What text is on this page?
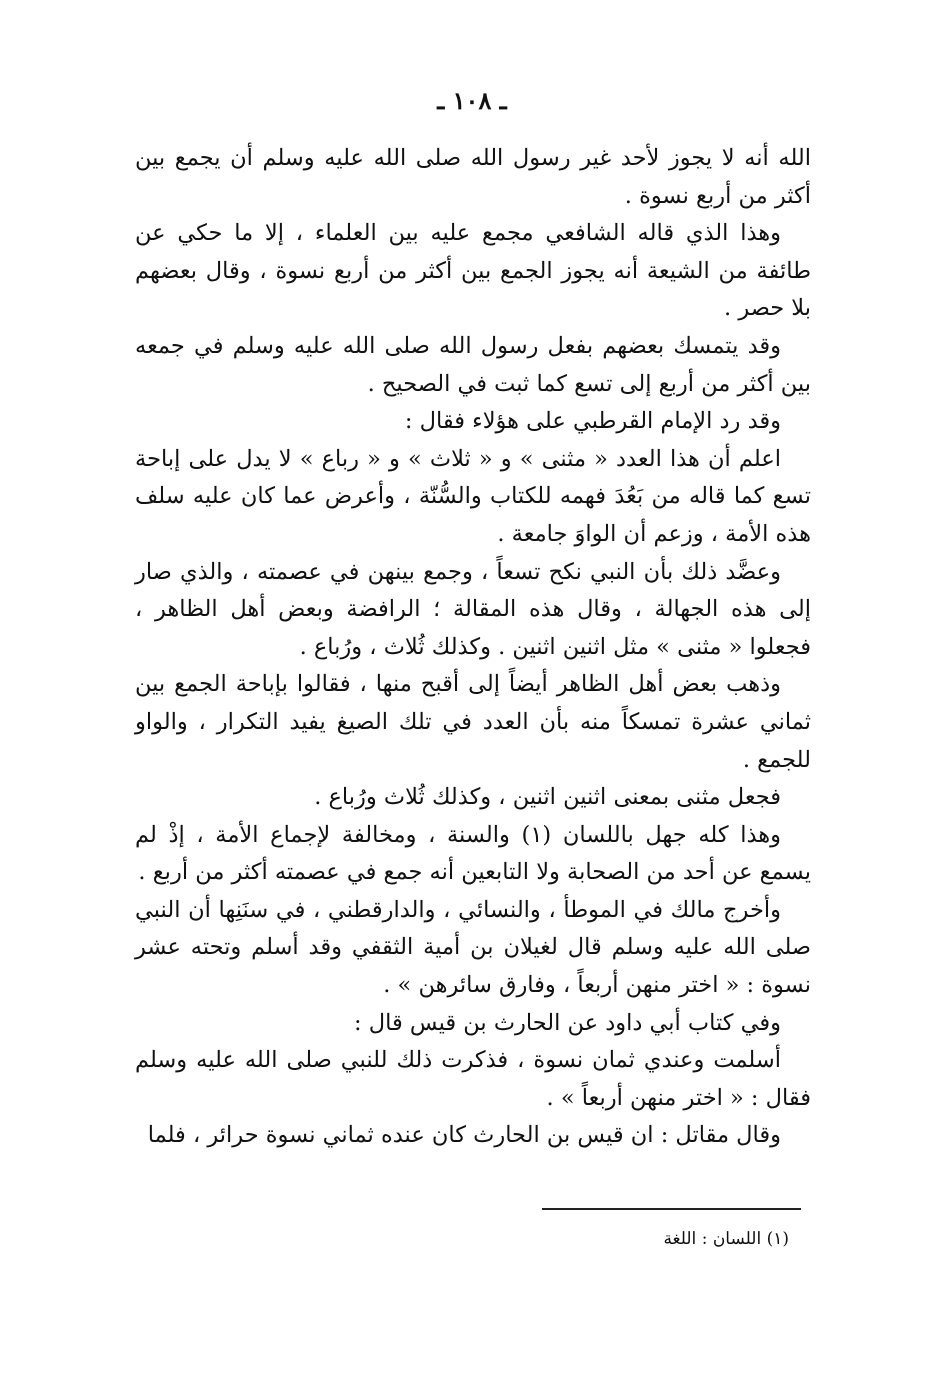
ـ ١٠٨ ـ

الله أنه لا يجوز لأحد غير رسول الله صلى الله عليه وسلم أن يجمع بين أكثر من أربع نسوة .

وهذا الذي قاله الشافعي مجمع عليه بين العلماء ، إلا ما حكي عن طائفة من الشيعة أنه يجوز الجمع بين أكثر من أربع نسوة ، وقال بعضهم بلا حصر .

وقد يتمسك بعضهم بفعل رسول الله صلى الله عليه وسلم في جمعه بين أكثر من أربع إلى تسع كما ثبت في الصحيح .

وقد رد الإمام القرطبي على هؤلاء فقال :

اعلم أن هذا العدد « مثنى » و « ثلاث » و « رباع » لا يدل على إباحة تسع كما قاله من بَعُدَ فهمه للكتاب والسُّنّة ، وأعرض عما كان عليه سلف هذه الأمة ، وزعم أن الواوَ جامعة .

وعضَّد ذلك بأن النبي نكح تسعاً ، وجمع بينهن في عصمته ، والذي صار إلى هذه الجهالة ، وقال هذه المقالة ؛ الرافضة وبعض أهل الظاهر ، فجعلوا « مثنى » مثل اثنين اثنين . وكذلك ثُلاث ، ورُباع .

وذهب بعض أهل الظاهر أيضاً إلى أقبح منها ، فقالوا بإباحة الجمع بين ثماني عشرة تمسكاً منه بأن العدد في تلك الصيغ يفيد التكرار ، والواو للجمع .

فجعل مثنى بمعنى اثنين اثنين ، وكذلك ثُلاث ورُباع .

وهذا كله جهل باللسان (١) والسنة ، ومخالفة لإجماع الأمة ، إذْ لم يسمع عن أحد من الصحابة ولا التابعين أنه جمع في عصمته أكثر من أربع .

وأخرج مالك في الموطأ ، والنسائي ، والدارقطني ، في سنَنِها أن النبي صلى الله عليه وسلم قال لغيلان بن أمية الثقفي وقد أسلم وتحته عشر نسوة : « اختر منهن أربعاً ، وفارق سائرهن » .

وفي كتاب أبي داود عن الحارث بن قيس قال :

أسلمت وعندي ثمان نسوة ، فذكرت ذلك للنبي صلى الله عليه وسلم فقال : « اختر منهن أربعاً » .

وقال مقاتل : ان قيس بن الحارث كان عنده ثماني نسوة حرائر ، فلما

(١) اللسان : اللغة
